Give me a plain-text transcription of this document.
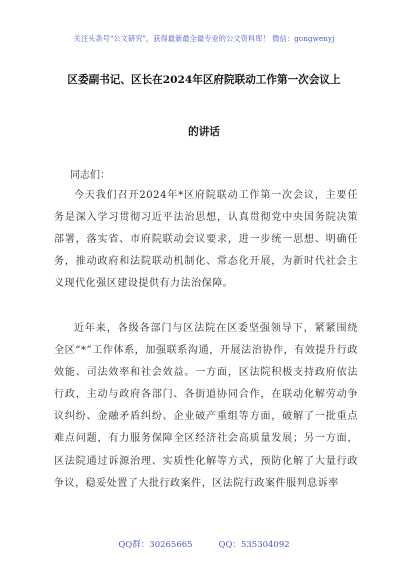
关注头条号"公文研究"，获得最新最全最专业的公文资料库！ 微信：gongwenyj
区委副书记、区长在2024年区府院联动工作第一次会议上
的讲话
同志们：

今天我们召开2024年*区府院联动工作第一次会议，主要任务是深入学习贯彻习近平法治思想，认真贯彻党中央国务院决策部署，落实省、市府院联动会议要求，进一步统一思想、明确任务，推动政府和法院联动机制化、常态化开展，为新时代社会主义现代化强区建设提供有力法治保障。

近年来，各级各部门与区法院在区委坚强领导下，紧紧围绕全区“*”工作体系，加强联系沟通，开展法治协作，有效提升行政效能、司法效率和社会效益。一方面，区法院积极支持政府依法行政，主动与政府各部门、各街道协同合作，在联动化解劳动争议纠纷、金融矛盾纠纷、企业破产重组等方面，破解了一批重点难点问题，有力服务保障全区经济社会高质量发展；另一方面，区法院通过诉源治理、实质性化解等方式，预防化解了大量行政争议，稳妥处置了大批行政案件，区法院行政案件服判息诉率

QQ群：30265665	QQ：535304092
